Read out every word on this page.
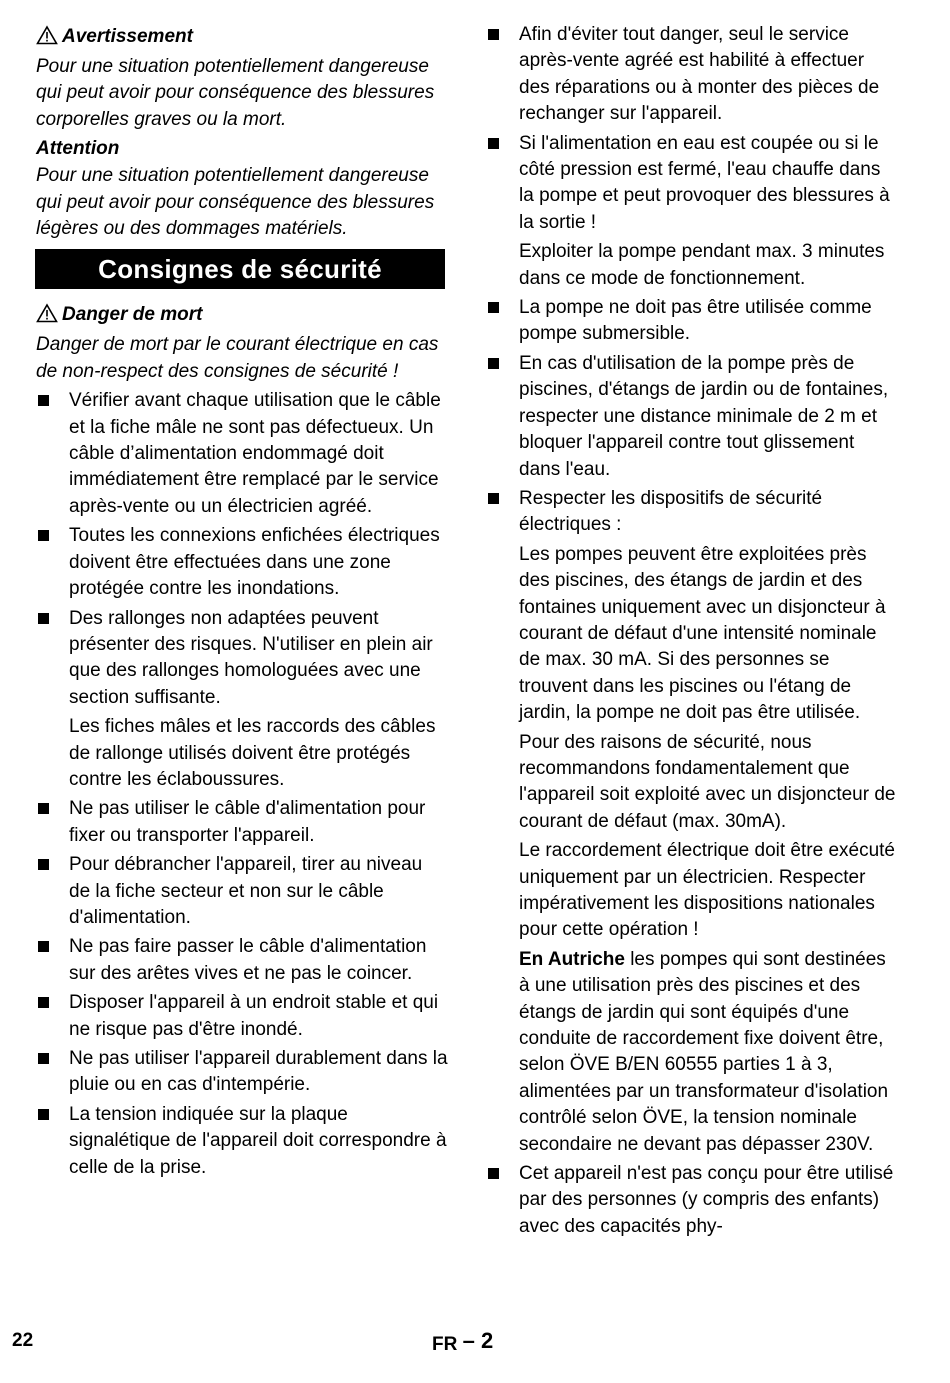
Avertissement

Pour une situation potentiellement dangereuse qui peut avoir pour conséquence des blessures corporelles graves ou la mort.

Attention

Pour une situation potentiellement dangereuse qui peut avoir pour conséquence des blessures légères ou des dommages matériels.

Consignes de sécurité
Danger de mort

Danger de mort par le courant électrique en cas de non-respect des consignes de sécurité !

Vérifier avant chaque utilisation que le câble et la fiche mâle ne sont pas défectueux. Un câble d’alimentation endommagé doit immédiatement être remplacé par le service après-vente ou un électricien agréé.

Toutes les connexions enfichées électriques doivent être effectuées dans une zone protégée contre les inondations.

Des rallonges non adaptées peuvent présenter des risques. N'utiliser en plein air que des rallonges homologuées avec une section suffisante.

Les fiches mâles et les raccords des câbles de rallonge utilisés doivent être protégés contre les éclaboussures.

Ne pas utiliser le câble d'alimentation pour fixer ou transporter l'appareil.

Pour débrancher l'appareil, tirer au niveau de la fiche secteur et non sur le câble d'alimentation.

Ne pas faire passer le câble d'alimentation sur des arêtes vives et ne pas le coincer.

Disposer l'appareil à un endroit stable et qui ne risque pas d'être inondé.

Ne pas utiliser l'appareil durablement dans la pluie ou en cas d'intempérie.

La tension indiquée sur la plaque signalétique de l'appareil doit correspondre à celle de la prise.

Afin d'éviter tout danger, seul le service après-vente agréé est habilité à effectuer des réparations ou à monter des pièces de rechanger sur l'appareil.

Si l'alimentation en eau est coupée ou si le côté pression est fermé, l'eau chauffe dans la pompe et peut provoquer des blessures à la sortie !

Exploiter la pompe pendant max. 3 minutes dans ce mode de fonctionnement.

La pompe ne doit pas être utilisée comme pompe submersible.

En cas d'utilisation de la pompe près de piscines, d'étangs de jardin ou de fontaines, respecter une distance minimale de 2 m et bloquer l'appareil contre tout glissement dans l'eau.

Respecter les dispositifs de sécurité électriques :

Les pompes peuvent être exploitées près des piscines, des étangs de jardin et des fontaines uniquement avec un disjoncteur à courant de défaut d'une intensité nominale de max. 30 mA. Si des personnes se trouvent dans les piscines ou l'étang de jardin, la pompe ne doit pas être utilisée.

Pour des raisons de sécurité, nous recommandons fondamentalement que l'appareil soit exploité avec un disjoncteur de courant de défaut (max. 30mA).

Le raccordement électrique doit être exécuté uniquement par un électricien. Respecter impérativement les dispositions nationales pour cette opération !

En Autriche les pompes qui sont destinées à une utilisation près des piscines et des étangs de jardin qui sont équipés d'une conduite de raccordement fixe doivent être, selon ÖVE B/EN 60555 parties 1 à 3, alimentées par un transformateur d'isolation contrôlé selon ÖVE, la tension nominale secondaire ne devant pas dépasser 230V.

Cet appareil n'est pas conçu pour être utilisé par des personnes (y compris des enfants) avec des capacités phy-

22	FR – 2
